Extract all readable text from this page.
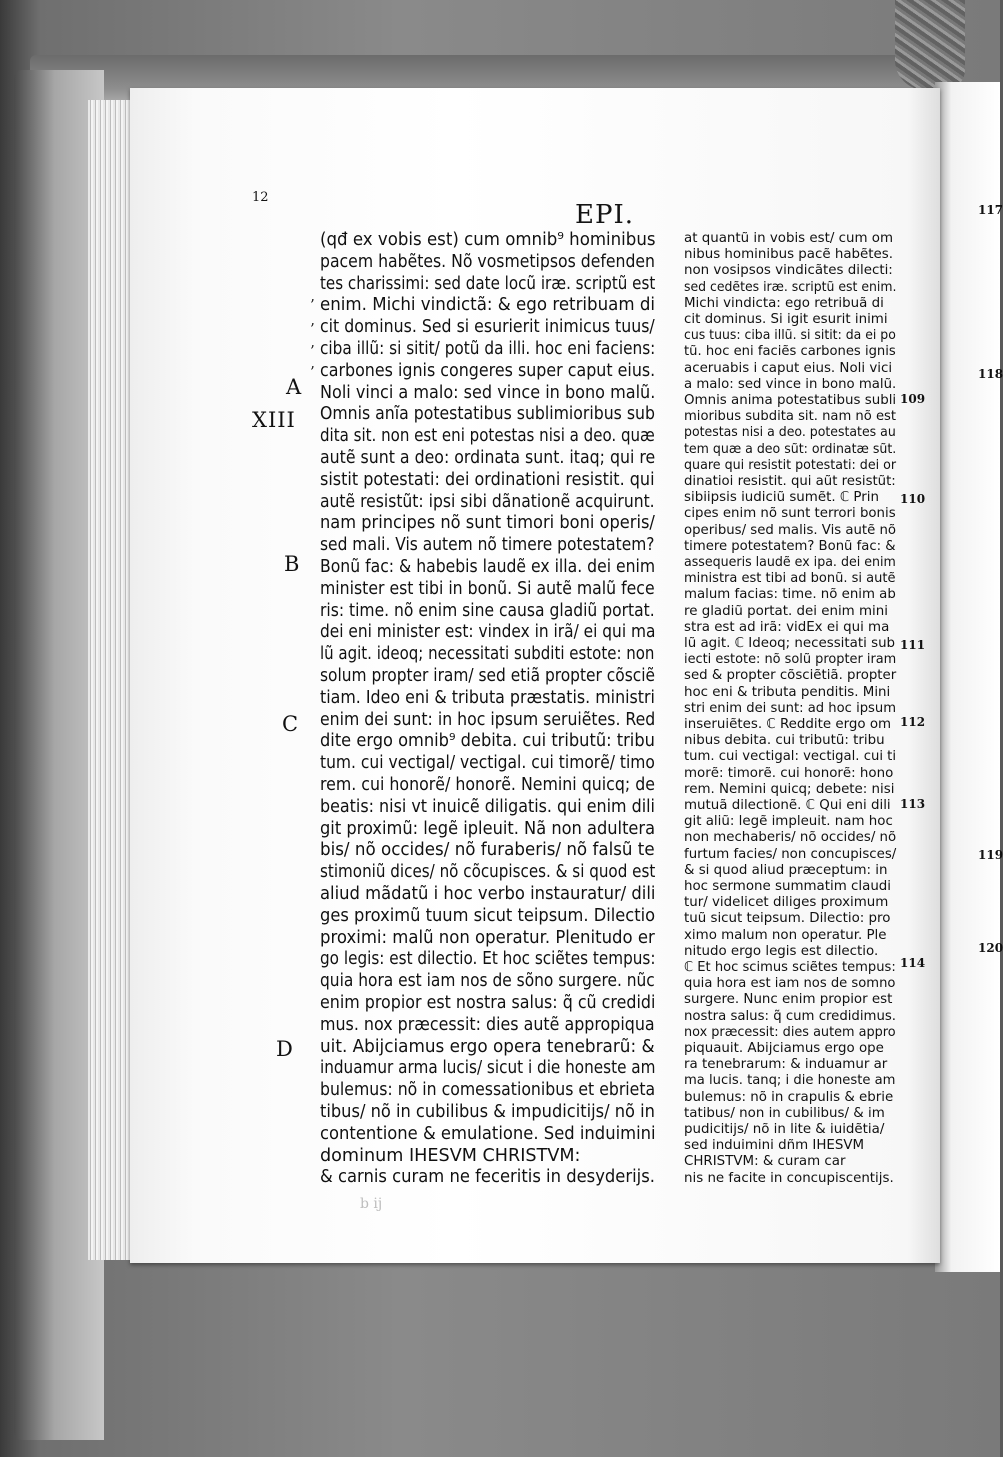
12
EPI.
(qđ ex vobis est) cum omnib⁹ hominibus
pacem habẽtes. Nõ vosmetipsos defenden
tes charissimi: sed date locũ iræ. scriptũ est
enim. Michi vindictã: & ego retribuam di
cit dominus. Sed si esurierit inimicus tuus/
ciba illũ: si sitit/ potũ da illi. hoc eni faciens:
carbones ignis congeres super caput eius.
Noli vinci a malo: sed vince in bono malũ.
Omnis anĩa potestatibus sublimioribus sub
dita sit. non est eni potestas nisi a deo. quæ
autẽ sunt a deo: ordinata sunt. itaq; qui re
sistit potestati: dei ordinationi resistit. qui
autẽ resistũt: ipsi sibi dãnationẽ acquirunt.
nam principes nõ sunt timori boni operis/
sed mali. Vis autem nõ timere potestatem?
Bonũ fac: & habebis laudẽ ex illa. dei enim
minister est tibi in bonũ. Si autẽ malũ fece
ris: time. nõ enim sine causa gladiũ portat.
dei eni minister est: vindex in irã/ ei qui ma
lũ agit. ideoq; necessitati subditi estote: non
solum propter iram/ sed etiã propter cõsciẽ
tiam. Ideo eni & tributa præstatis. ministri
enim dei sunt: in hoc ipsum seruiẽtes. Red
dite ergo omnib⁹ debita. cui tributũ: tribu
tum. cui vectigal/ vectigal. cui timorẽ/ timo
rem. cui honorẽ/ honorẽ. Nemini quicq; de
beatis: nisi vt inuicẽ diligatis. qui enim dili
git proximũ: legẽ ipleuit. Nã non adultera
bis/ nõ occides/ nõ furaberis/ nõ falsũ te
stimoniũ dices/ nõ cõcupisces. & si quod est
aliud mãdatũ i hoc verbo instauratur/ dili
ges proximũ tuum sicut teipsum. Dilectio
proximi: malũ non operatur. Plenitudo er
go legis: est dilectio. Et hoc sciẽtes tempus:
quia hora est iam nos de sõno surgere. nũc
enim propior est nostra salus: q̃ cũ credidi
mus. nox præcessit: dies autẽ appropiqua
uit. Abijciamus ergo opera tenebrarũ: &
induamur arma lucis/ sicut i die honeste am
bulemus: nõ in comessationibus et ebrieta
tibus/ nõ in cubilibus & impudicitijs/ nõ in
contentione & emulatione. Sed induimini
dominum IHESVM CHRISTVM:
& carnis curam ne feceritis in desyderijs.
at quantũ in vobis est/ cum om
nibus hominibus pacẽ habẽtes.
non vosipsos vindicãtes dilecti:
sed cedẽtes iræ. scriptũ est enim.
Michi vindicta: ego retribuã di
cit dominus. Si igit esurit inimi
cus tuus: ciba illũ. si sitit: da ei po
tũ. hoc eni faciẽs carbones ignis
aceruabis i caput eius. Noli vici
a malo: sed vince in bono malũ.
Omnis anima potestatibus subli
mioribus subdita sit. nam nõ est
potestas nisi a deo. potestates au
tem quæ a deo sũt: ordinatæ sũt.
quare qui resistit potestati: dei or
dinatioi resistit. qui aũt resistũt:
sibiipsis iudiciũ sumẽt. ℂ Prin
cipes enim nõ sunt terrori bonis
operibus/ sed malis. Vis autẽ nõ
timere potestatem? Bonũ fac: &
assequeris laudẽ ex ipa. dei enim
ministra est tibi ad bonũ. si autẽ
malum facias: time. nõ enim ab
re gladiũ portat. dei enim mini
stra est ad irã: vidEx ei qui ma
lũ agit. ℂ Ideoq; necessitati sub
iecti estote: nõ solũ propter iram
sed & propter cõsciẽtiã. propter
hoc eni & tributa penditis. Mini
stri enim dei sunt: ad hoc ipsum
inseruiẽtes. ℂ Reddite ergo om
nibus debita. cui tributũ: tribu
tum. cui vectigal: vectigal. cui ti
morẽ: timorẽ. cui honorẽ: hono
rem. Nemini quicq; debete: nisi
mutuã dilectionẽ. ℂ Qui eni dili
git aliũ: legẽ impleuit. nam hoc
non mechaberis/ nõ occides/ nõ
furtum facies/ non concupisces/
& si quod aliud præceptum: in
hoc sermone summatim claudi
tur/ videlicet diliges proximum
tuũ sicut teipsum. Dilectio: pro
ximo malum non operatur. Ple
nitudo ergo legis est dilectio.
ℂ Et hoc scimus sciẽtes tempus:
quia hora est iam nos de somno
surgere. Nunc enim propior est
nostra salus: q̃ cum credidimus.
nox præcessit: dies autem appro
piquauit. Abijciamus ergo ope
ra tenebrarum: & induamur ar
ma lucis. tanq; i die honeste am
bulemus: nõ in crapulis & ebrie
tatibus/ non in cubilibus/ & im
pudicitijs/ nõ in lite & iuidẽtia/
sed induimini dñm IHESVM
CHRISTVM: & curam car
nis ne facite in concupiscentijs.
A
XIII
B
C
D
109
110
111
112
113
114
117
118
119
120
’
’
’
’
b ij
